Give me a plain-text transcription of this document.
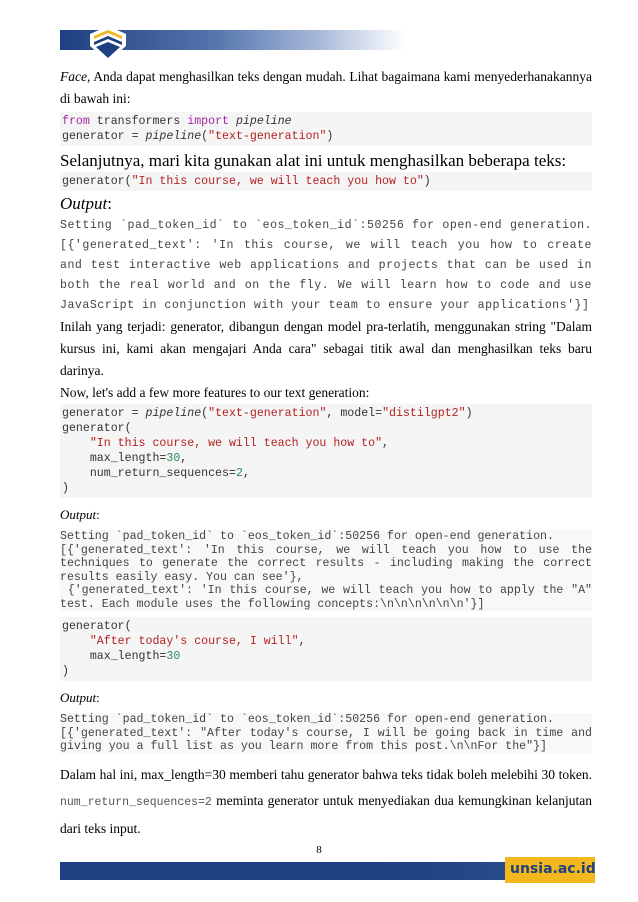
Face, Anda dapat menghasilkan teks dengan mudah. Lihat bagaimana kami menyederhanakannya di bawah ini:

from transformers import pipeline
generator = pipeline("text-generation")

Selanjutnya, mari kita gunakan alat ini untuk menghasilkan beberapa teks:

generator("In this course, we will teach you how to")

Output:

Setting `pad_token_id` to `eos_token_id`:50256 for open-end generation. [{'generated_text': 'In this course, we will teach you how to create and test interactive web applications and projects that can be used in both the real world and on the fly. We will learn how to code and use JavaScript in conjunction with your team to ensure your applications'}]

Inilah yang terjadi: generator, dibangun dengan model pra-terlatih, menggunakan string "Dalam kursus ini, kami akan mengajari Anda cara" sebagai titik awal dan menghasilkan teks baru darinya.

Now, let's add a few more features to our text generation:

generator = pipeline("text-generation", model="distilgpt2")
generator(
"In this course, we will teach you how to",
max_length=30,
num_return_sequences=2,
)

Output:

Setting `pad_token_id` to `eos_token_id`:50256 for open-end generation.
[{'generated_text': 'In this course, we will teach you how to use the techniques to generate the correct results - including making the correct results easily easy. You can see'},
{'generated_text': 'In this course, we will teach you how to apply the "A" test. Each module uses the following concepts:\n\n\n\n\n\n'}]
generator(
"After today's course, I will",
max_length=30
)

Output:

Setting `pad_token_id` to `eos_token_id`:50256 for open-end generation.
[{'generated_text': "After today's course, I will be going back in time and giving you a full list as you learn more from this post.\n\nFor the"}]

Dalam hal ini, max_length=30 memberi tahu generator bahwa teks tidak boleh melebihi 30 token. num_return_sequences=2 meminta generator untuk menyediakan dua kemungkinan kelanjutan dari teks input.

8
unsia.ac.id
